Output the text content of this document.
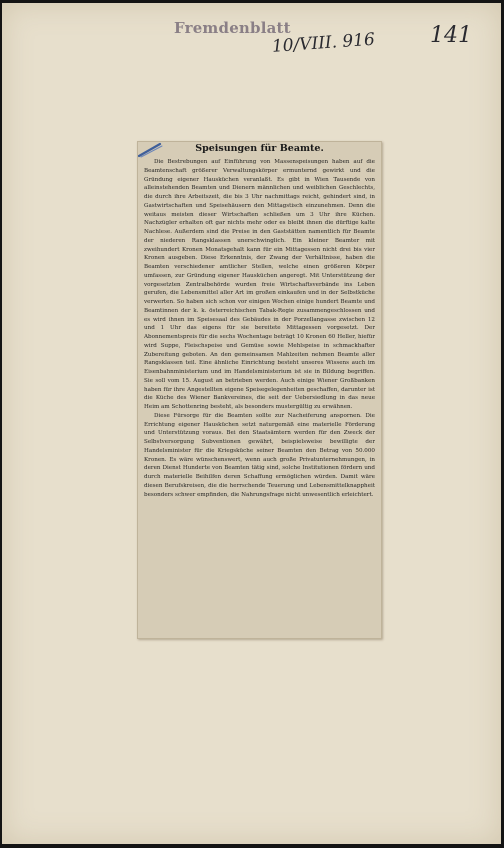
Fremdenblatt
10/VIII. 916	141
Speisungen für Beamte.

Die Bestrebungen auf Einführung von Massenspeisungen haben auf die Beamtenschaft größerer Verwaltungskörper ermunternd gewirkt und die Gründung eigener Hausküchen veranlaßt. Es gibt in Wien Tausende von alleinstehenden Beamten und Dienern männlichen und weiblichen Geschlechts, die durch ihre Arbeitszeit, die bis 3 Uhr nachmittags reicht, gehindert sind, in Gastwirtschaften und Speisehäusern den Mittagstisch einzunehmen. Denn die weitaus meisten dieser Wirtschaften schließen um 3 Uhr ihre Küchen. Nachzügler erhalten oft gar nichts mehr oder es bleibt ihnen die dürftige kalte Nachlese. Außerdem sind die Preise in den Gaststätten namentlich für Beamte der niederen Rangsklassen unerschwinglich. Ein kleiner Beamter mit zweihundert Kronen Monatsgehalt kann für ein Mittagessen nicht drei bis vier Kronen ausgeben. Diese Erkenntnis, der Zwang der Verhältnisse, haben die Beamten verschiedener amtlicher Stellen, welche einen größeren Körper umfassen, zur Gründung eigener Hausküchen angeregt. Mit Unterstützung der vorgesetzten Zentralbehörde wurden freie Wirtschaftsverbände ins Leben gerufen, die Lebensmittel aller Art im großen einkaufen und in der Selbstküche verwerten. So haben sich schon vor einigen Wochen einige hundert Beamte und Beamtinnen der k. k. österreichischen Tabak-Regie zusammengeschlossen und es wird ihnen im Speisesaal des Gebäudes in der Porzellangasse zwischen 12 und 1 Uhr das eigens für sie bereitete Mittagessen vorgesetzt. Der Abonnementspreis für die sechs Wochentage beträgt 10 Kronen 60 Heller, hiefür wird Suppe, Fleischspeise und Gemüse sowie Mehlspeise in schmackhafter Zubereitung geboten. An den gemeinsamen Mahlzeiten nehmen Beamte aller Rangsklassen teil. Eine ähnliche Einrichtung besteht unseres Wissens auch im Eisenbahnministerium und im Handelsministerium ist sie in Bildung begriffen. Sie soll vom 15. August an betrieben werden. Auch einige Wiener Großbanken haben für ihre Angestellten eigene Speisegelegenheiten geschaffen, darunter ist die Küche des Wiener Bankvereines, die seit der Uebersiedlung in das neue Heim am Schottenring besteht, als besonders mustergültig zu erwähnen.

Diese Fürsorge für die Beamten sollte zur Nacheiferung anspornen. Die Errichtung eigener Hausküchen setzt naturgemäß eine materielle Förderung und Unterstützung voraus. Bei den Staatsämtern werden für den Zweck der Selbstversorgung Subventionen gewährt, beispielsweise bewilligte der Handelsminister für die Kriegsküche seiner Beamten den Betrag von 50.000 Kronen. Es wäre wünschenswert, wenn auch große Privatunternehmungen, in deren Dienst Hunderte von Beamten tätig sind, solche Institutionen fördern und durch materielle Beihilfen deren Schaffung ermöglichen würden. Damit wäre diesen Berufskreisen, die die herrschende Teuerung und Lebensmittelknappheit besonders schwer empfinden, die Nahrungsfrage nicht unwesentlich erleichtert.
